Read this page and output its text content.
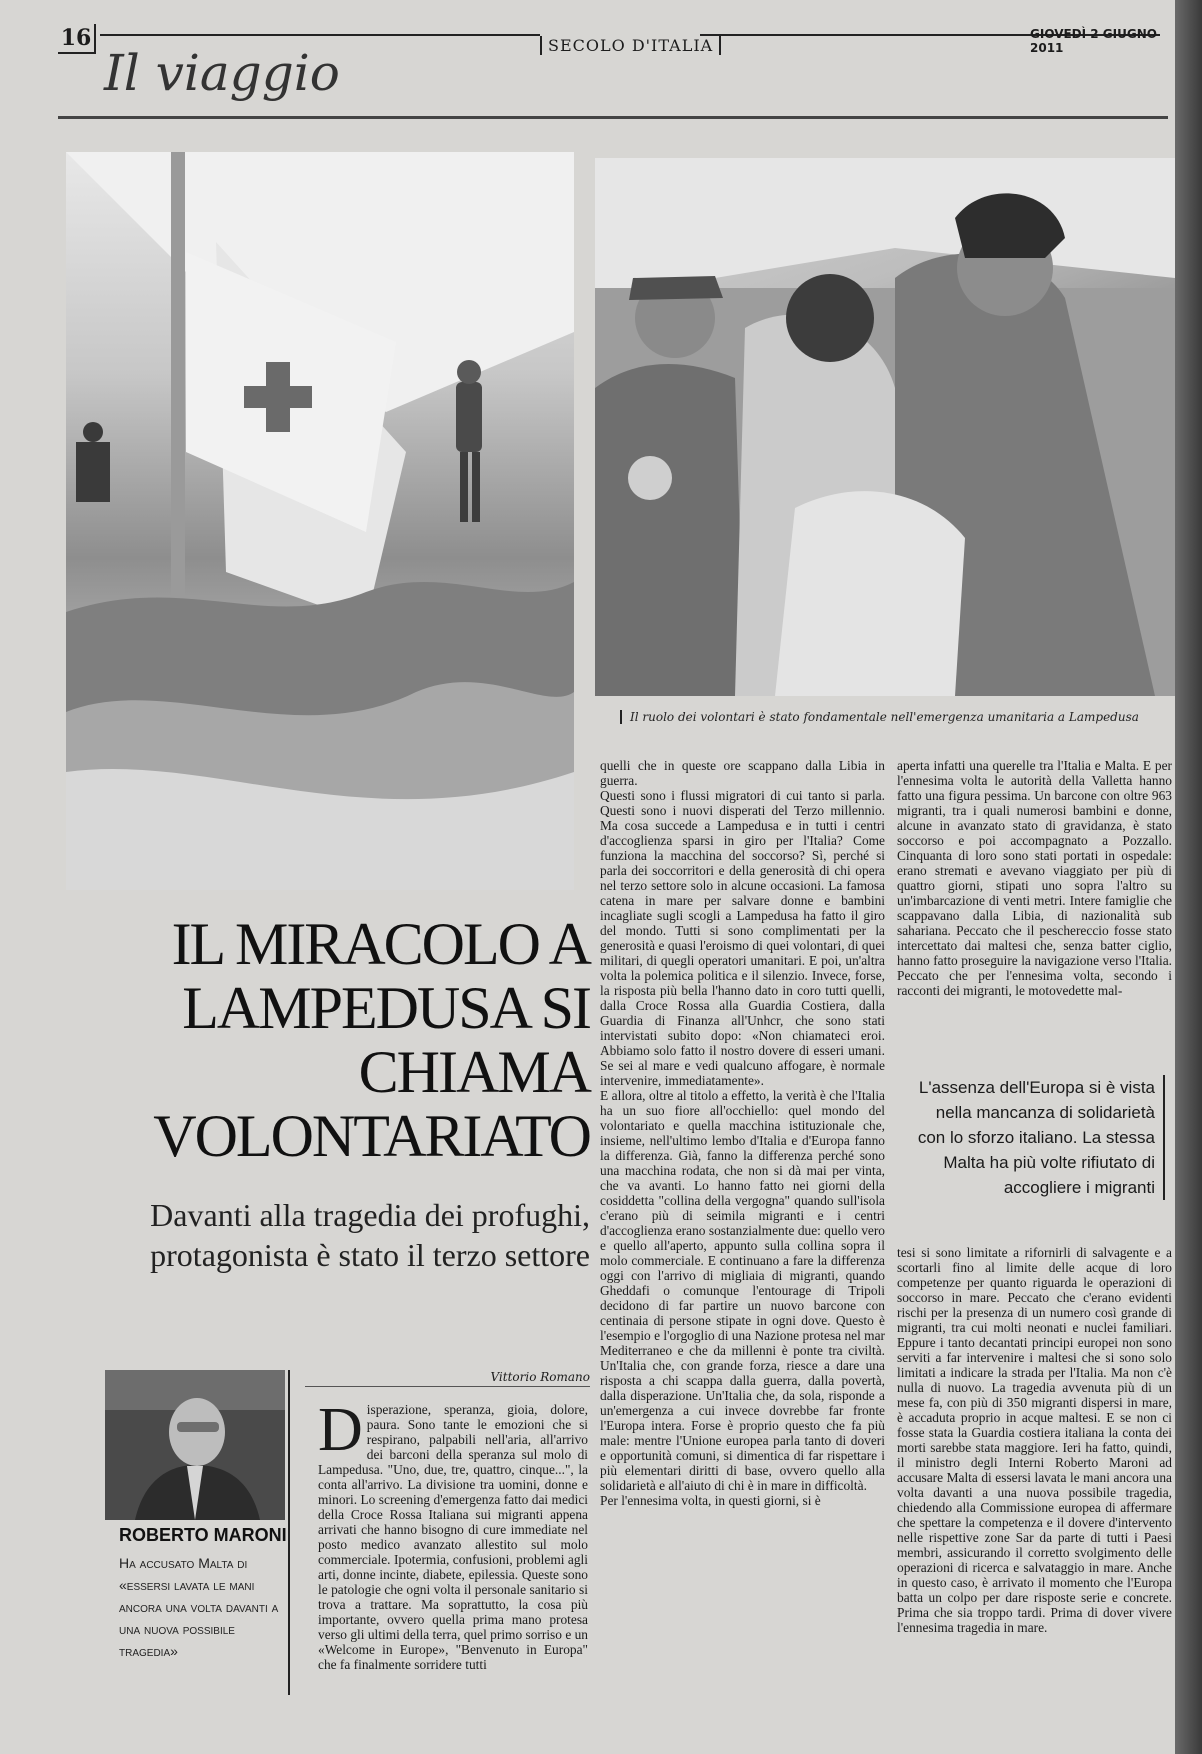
16	SECOLO D'ITALIA
GIOVEDÌ 2 GIUGNO 2011
Il viaggio
Il ruolo dei volontari è stato fondamentale nell'emergenza umanitaria a Lampedusa
IL MIRACOLO A LAMPEDUSA SI CHIAMA VOLONTARIATO
Davanti alla tragedia dei profughi, protagonista è stato il terzo settore
ROBERTO MARONI
Ha accusato Malta di «essersi lavata le mani ancora una volta davanti a una nuova possibile tragedia»
Vittorio Romano
Disperazione, speranza, gioia, dolore, paura. Sono tante le emozioni che si respirano, palpabili nell'aria, all'arrivo dei barconi della speranza sul molo di Lampedusa. "Uno, due, tre, quattro, cinque...", la conta all'arrivo. La divisione tra uomini, donne e minori. Lo screening d'emergenza fatto dai medici della Croce Rossa Italiana sui migranti appena arrivati che hanno bisogno di cure immediate nel posto medico avanzato allestito sul molo commerciale. Ipotermia, confusioni, problemi agli arti, donne incinte, diabete, epilessia. Queste sono le patologie che ogni volta il personale sanitario si trova a trattare. Ma soprattutto, la cosa più importante, ovvero quella prima mano protesa verso gli ultimi della terra, quel primo sorriso e un «Welcome in Europe», "Benvenuto in Europa" che fa finalmente sorridere tutti
quelli che in queste ore scappano dalla Libia in guerra.
Questi sono i flussi migratori di cui tanto si parla. Questi sono i nuovi disperati del Terzo millennio. Ma cosa succede a Lampedusa e in tutti i centri d'accoglienza sparsi in giro per l'Italia? Come funziona la macchina del soccorso? Sì, perché si parla dei soccorritori e della generosità di chi opera nel terzo settore solo in alcune occasioni. La famosa catena in mare per salvare donne e bambini incagliate sugli scogli a Lampedusa ha fatto il giro del mondo. Tutti si sono complimentati per la generosità e quasi l'eroismo di quei volontari, di quei militari, di quegli operatori umanitari. E poi, un'altra volta la polemica politica e il silenzio. Invece, forse, la risposta più bella l'hanno dato in coro tutti quelli, dalla Croce Rossa alla Guardia Costiera, dalla Guardia di Finanza all'Unhcr, che sono stati intervistati subito dopo: «Non chiamateci eroi. Abbiamo solo fatto il nostro dovere di esseri umani. Se sei al mare e vedi qualcuno affogare, è normale intervenire, immediatamente».
E allora, oltre al titolo a effetto, la verità è che l'Italia ha un suo fiore all'occhiello: quel mondo del volontariato e quella macchina istituzionale che, insieme, nell'ultimo lembo d'Italia e d'Europa fanno la differenza. Già, fanno la differenza perché sono una macchina rodata, che non si dà mai per vinta, che va avanti. Lo hanno fatto nei giorni della cosiddetta "collina della vergogna" quando sull'isola c'erano più di seimila migranti e i centri d'accoglienza erano sostanzialmente due: quello vero e quello all'aperto, appunto sulla collina sopra il molo commerciale. E continuano a fare la differenza oggi con l'arrivo di migliaia di migranti, quando Gheddafi o comunque l'entourage di Tripoli decidono di far partire un nuovo barcone con centinaia di persone stipate in ogni dove. Questo è l'esempio e l'orgoglio di una Nazione protesa nel mar Mediterraneo e che da millenni è ponte tra civiltà. Un'Italia che, con grande forza, riesce a dare una risposta a chi scappa dalla guerra, dalla povertà, dalla disperazione. Un'Italia che, da sola, risponde a un'emergenza a cui invece dovrebbe far fronte l'Europa intera. Forse è proprio questo che fa più male: mentre l'Unione europea parla tanto di doveri e opportunità comuni, si dimentica di far rispettare i più elementari diritti di base, ovvero quello alla solidarietà e all'aiuto di chi è in mare in difficoltà.
Per l'ennesima volta, in questi giorni, si è
aperta infatti una querelle tra l'Italia e Malta. E per l'ennesima volta le autorità della Valletta hanno fatto una figura pessima. Un barcone con oltre 963 migranti, tra i quali numerosi bambini e donne, alcune in avanzato stato di gravidanza, è stato soccorso e poi accompagnato a Pozzallo. Cinquanta di loro sono stati portati in ospedale: erano stremati e avevano viaggiato per più di quattro giorni, stipati uno sopra l'altro su un'imbarcazione di venti metri. Intere famiglie che scappavano dalla Libia, di nazionalità sub sahariana. Peccato che il peschereccio fosse stato intercettato dai maltesi che, senza batter ciglio, hanno fatto proseguire la navigazione verso l'Italia. Peccato che per l'ennesima volta, secondo i racconti dei migranti, le motovedette mal-
L'assenza dell'Europa si è vista nella mancanza di solidarietà con lo sforzo italiano. La stessa Malta ha più volte rifiutato di accogliere i migranti
tesi si sono limitate a rifornirli di salvagente e a scortarli fino al limite delle acque di loro competenze per quanto riguarda le operazioni di soccorso in mare. Peccato che c'erano evidenti rischi per la presenza di un numero così grande di migranti, tra cui molti neonati e nuclei familiari. Eppure i tanto decantati principi europei non sono serviti a far intervenire i maltesi che si sono solo limitati a indicare la strada per l'Italia. Ma non c'è nulla di nuovo. La tragedia avvenuta più di un mese fa, con più di 350 migranti dispersi in mare, è accaduta proprio in acque maltesi. E se non ci fosse stata la Guardia costiera italiana la conta dei morti sarebbe stata maggiore. Ieri ha fatto, quindi, il ministro degli Interni Roberto Maroni ad accusare Malta di essersi lavata le mani ancora una volta davanti a una nuova possibile tragedia, chiedendo alla Commissione europea di affermare che spettare la competenza e il dovere d'intervento nelle rispettive zone Sar da parte di tutti i Paesi membri, assicurando il corretto svolgimento delle operazioni di ricerca e salvataggio in mare. Anche in questo caso, è arrivato il momento che l'Europa batta un colpo per dare risposte serie e concrete. Prima che sia troppo tardi. Prima di dover vivere l'ennesima tragedia in mare.
